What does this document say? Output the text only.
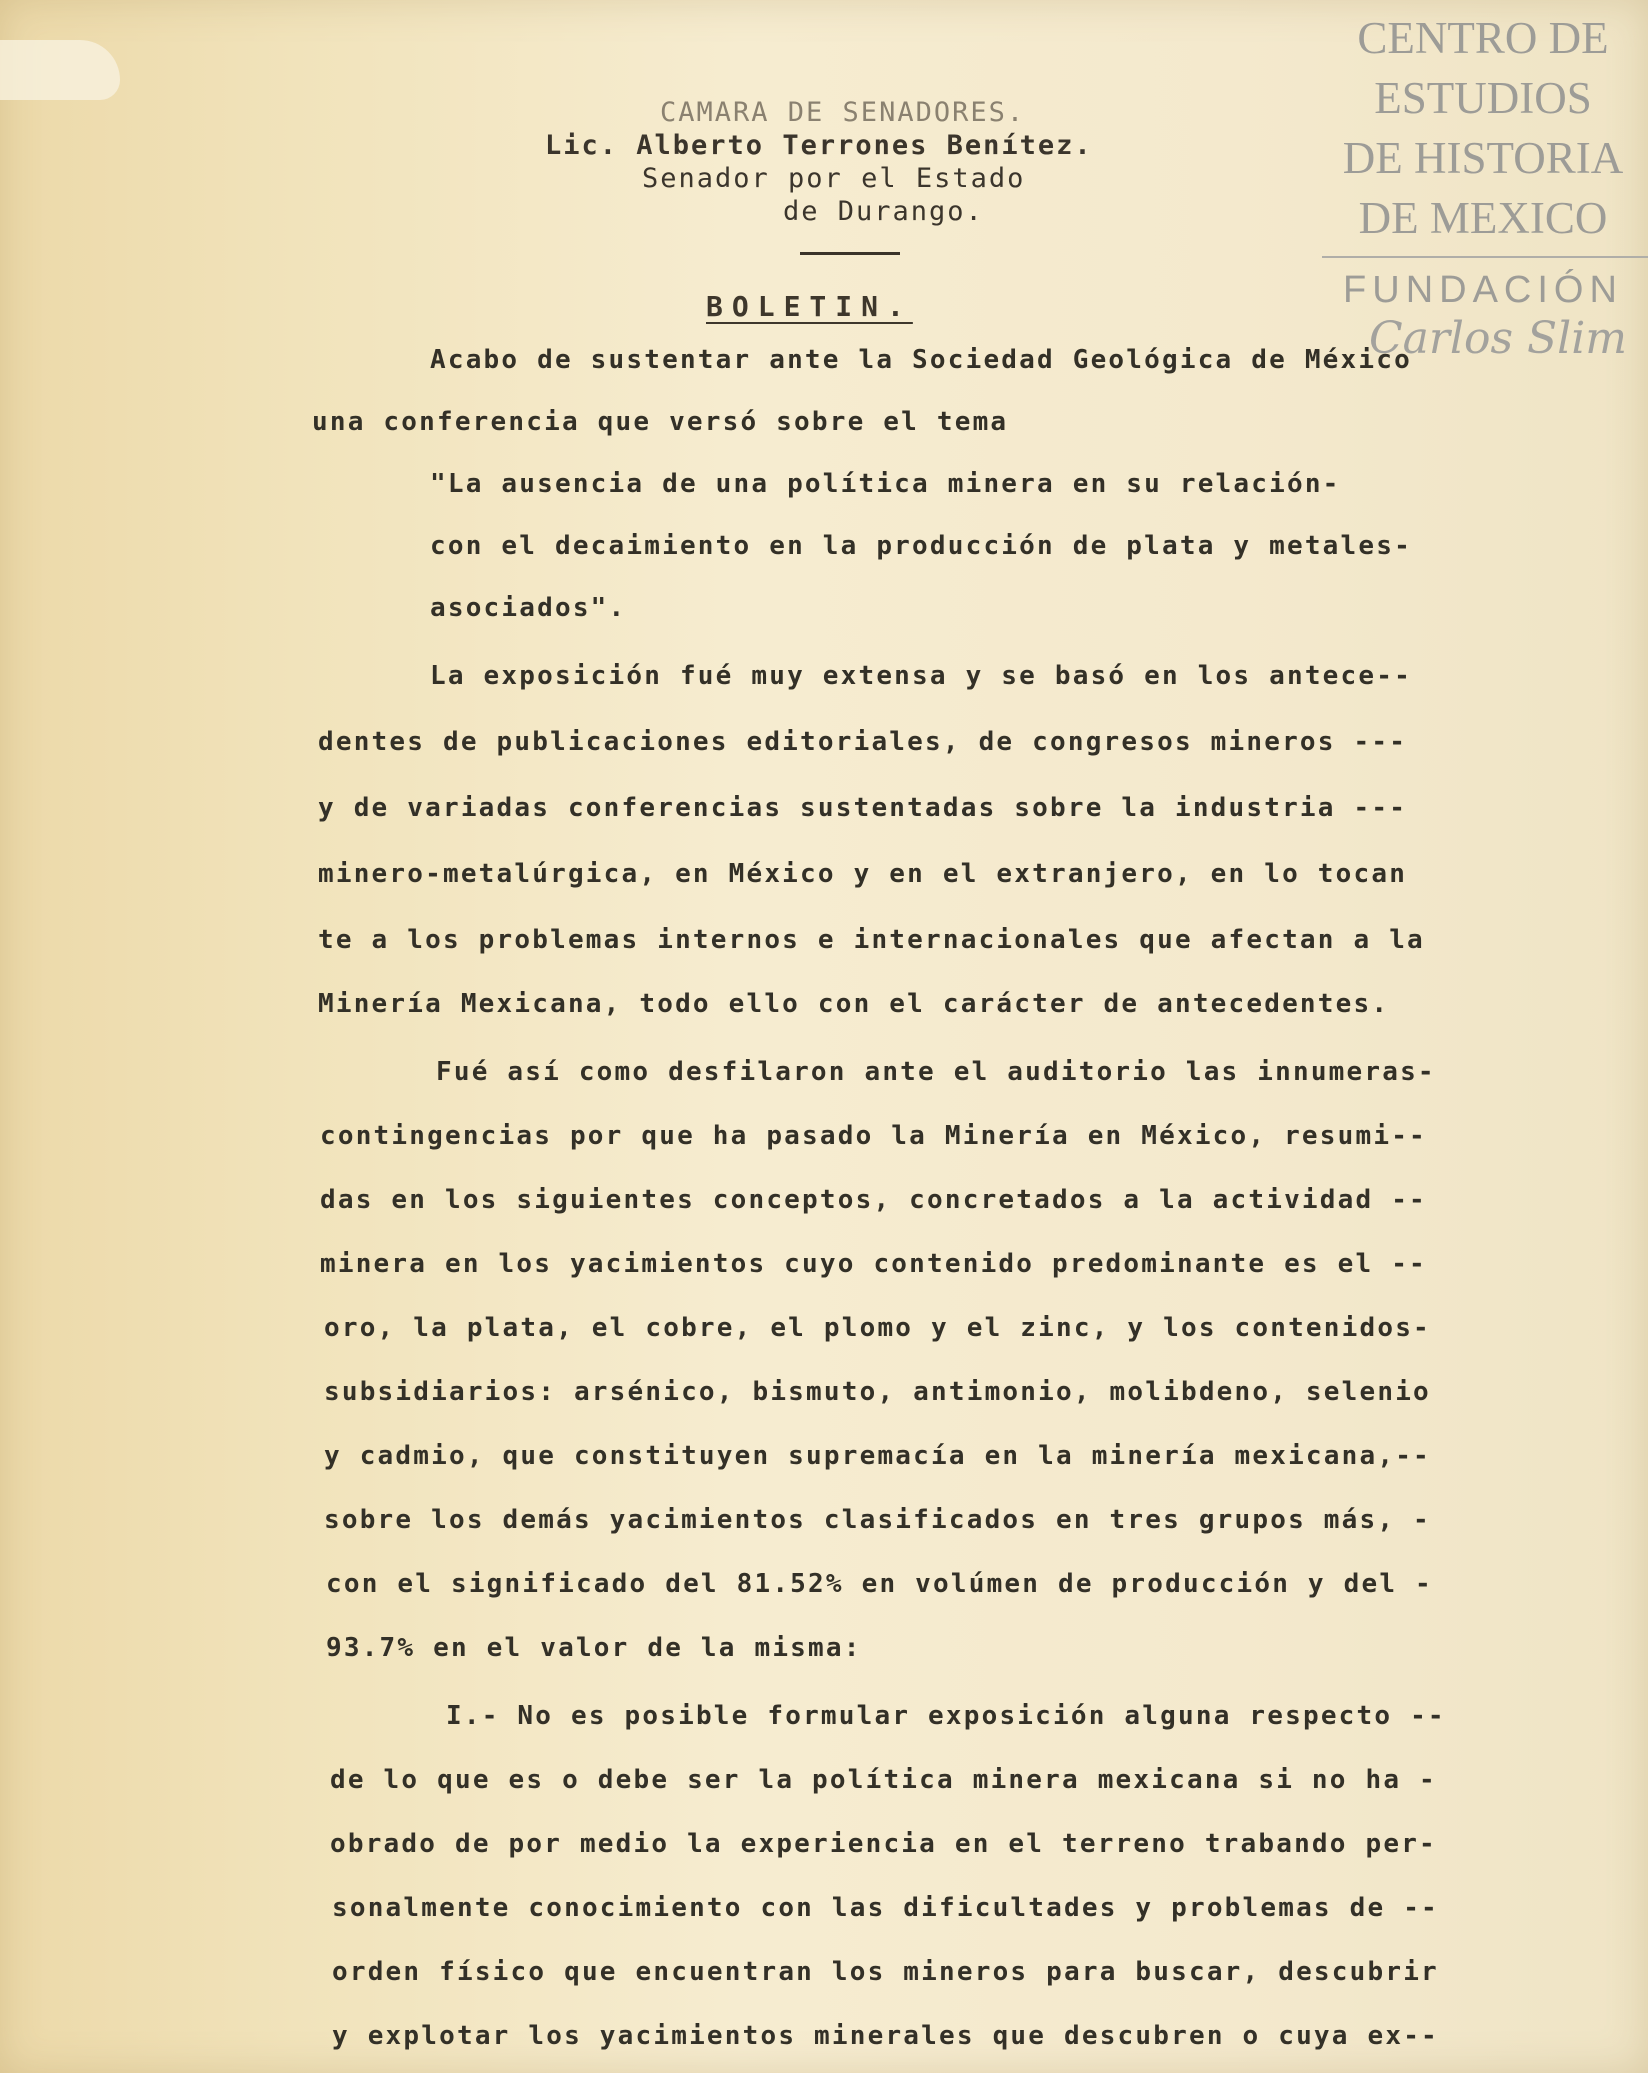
CAMARA DE SENADORES.
Lic. Alberto Terrones Benítez.
Senador por el Estado
de Durango.
BOLETIN.
Acabo de sustentar ante la Sociedad Geológica de México
una conferencia que versó sobre el tema
"La ausencia de una política minera en su relación-
con el decaimiento en la producción de plata y metales-
asociados".
La exposición fué muy extensa y se basó en los antece--
dentes de publicaciones editoriales, de congresos mineros ---
y de variadas conferencias sustentadas sobre la industria ---
minero-metalúrgica, en México y en el extranjero, en lo tocan
te a los problemas internos e internacionales que afectan a la
Minería Mexicana, todo ello con el carácter de antecedentes.
Fué así como desfilaron ante el auditorio las innumeras-
contingencias por que ha pasado la Minería en México, resumi--
das en los siguientes conceptos, concretados a la actividad --
minera en los yacimientos cuyo contenido predominante es el --
oro, la plata, el cobre, el plomo y el zinc, y los contenidos-
subsidiarios: arsénico, bismuto, antimonio, molibdeno, selenio
y cadmio, que constituyen supremacía en la minería mexicana,--
sobre los demás yacimientos clasificados en tres grupos más, -
con el significado del 81.52% en volúmen de producción y del -
93.7% en el valor de la misma:
I.- No es posible formular exposición alguna respecto --
de lo que es o debe ser la política minera mexicana si no ha -
obrado de por medio la experiencia en el terreno trabando per-
sonalmente conocimiento con las dificultades y problemas de --
orden físico que encuentran los mineros para buscar, descubrir
y explotar los yacimientos minerales que descubren o cuya ex--
CENTRO DE
ESTUDIOS
DE HISTORIA
DE MEXICO
FUNDACIÓN
Carlos Slim
